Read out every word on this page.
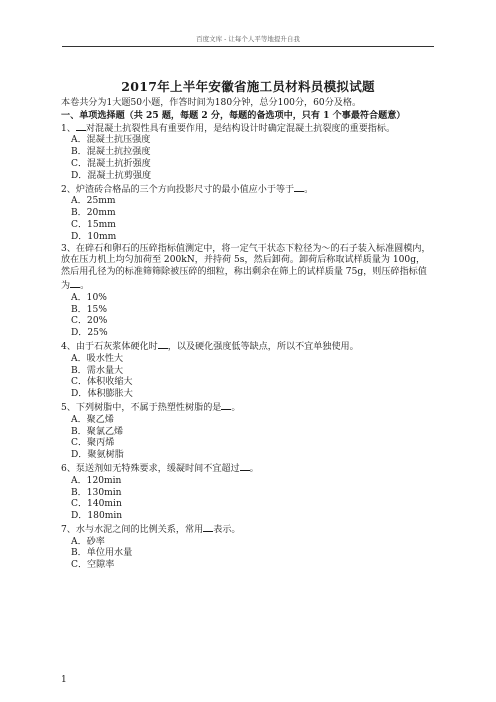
百度文库 - 让每个人平等地提升自我
2017年上半年安徽省施工员材料员模拟试题

本卷共分为1大题50小题，作答时间为180分钟，总分100分，60分及格。

一、单项选择题（共 25 题，每题 2 分，每题的备选项中，只有 1 个事最符合题意）

1、 对混凝土抗裂性具有重要作用，是结构设计时确定混凝土抗裂度的重要指标。

A．混凝土抗压强度

B．混凝土抗拉强度

C．混凝土抗折强度

D．混凝土抗剪强度

2、炉渣砖合格品的三个方向投影尺寸的最小值应小于等于 。

A．25mm

B．20mm

C．15mm

D．10mm

3、在碎石和卵石的压碎指标值测定中，将一定气干状态下粒径为～的石子装入标准圆模内，放在压力机上均匀加荷至 200kN，并持荷 5s，然后卸荷。卸荷后称取试样质量为 100g，然后用孔径为的标准筛筛除被压碎的细粒，称出剩余在筛上的试样质量 75g，则压碎指标值为 。

A．10%

B．15%

C．20%

D．25%

4、由于石灰浆体硬化时 ，以及硬化强度低等缺点，所以不宜单独使用。

A．吸水性大

B．需水量大

C．体积收缩大

D．体积膨胀大

5、下列树脂中，不属于热塑性树脂的是 。

A．聚乙烯

B．聚氯乙烯

C．聚丙烯

D．聚氨树脂

6、泵送剂如无特殊要求，缓凝时间不宜超过 。

A．120min

B．130min

C．140min

D．180min

7、水与水泥之间的比例关系，常用 表示。

A．砂率

B．单位用水量

C．空隙率

1
